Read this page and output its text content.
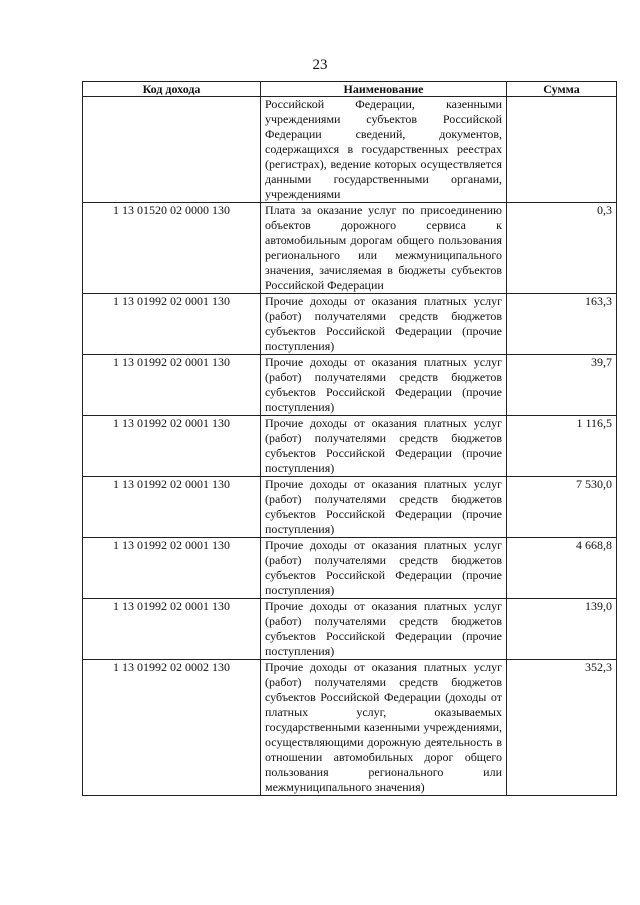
23
Код дохода	Наименование	Сумма
	Российской Федерации, казенными учреждениями субъектов Российской Федерации сведений, документов, содержащихся в государственных реестрах (регистрах), ведение которых осуществляется данными государственными органами, учреждениями	
1 13 01520 02 0000 130	Плата за оказание услуг по присоединению объектов дорожного сервиса к автомобильным дорогам общего пользования регионального или межмуниципального значения, зачисляемая в бюджеты субъектов Российской Федерации	0,3
1 13 01992 02 0001 130	Прочие доходы от оказания платных услуг (работ) получателями средств бюджетов субъектов Российской Федерации (прочие поступления)	163,3
1 13 01992 02 0001 130	Прочие доходы от оказания платных услуг (работ) получателями средств бюджетов субъектов Российской Федерации (прочие поступления)	39,7
1 13 01992 02 0001 130	Прочие доходы от оказания платных услуг (работ) получателями средств бюджетов субъектов Российской Федерации (прочие поступления)	1 116,5
1 13 01992 02 0001 130	Прочие доходы от оказания платных услуг (работ) получателями средств бюджетов субъектов Российской Федерации (прочие поступления)	7 530,0
1 13 01992 02 0001 130	Прочие доходы от оказания платных услуг (работ) получателями средств бюджетов субъектов Российской Федерации (прочие поступления)	4 668,8
1 13 01992 02 0001 130	Прочие доходы от оказания платных услуг (работ) получателями средств бюджетов субъектов Российской Федерации (прочие поступления)	139,0
1 13 01992 02 0002 130	Прочие доходы от оказания платных услуг (работ) получателями средств бюджетов субъектов Российской Федерации (доходы от платных услуг, оказываемых государственными казенными учреждениями, осуществляющими дорожную деятельность в отношении автомобильных дорог общего пользования регионального или межмуниципального значения)	352,3
